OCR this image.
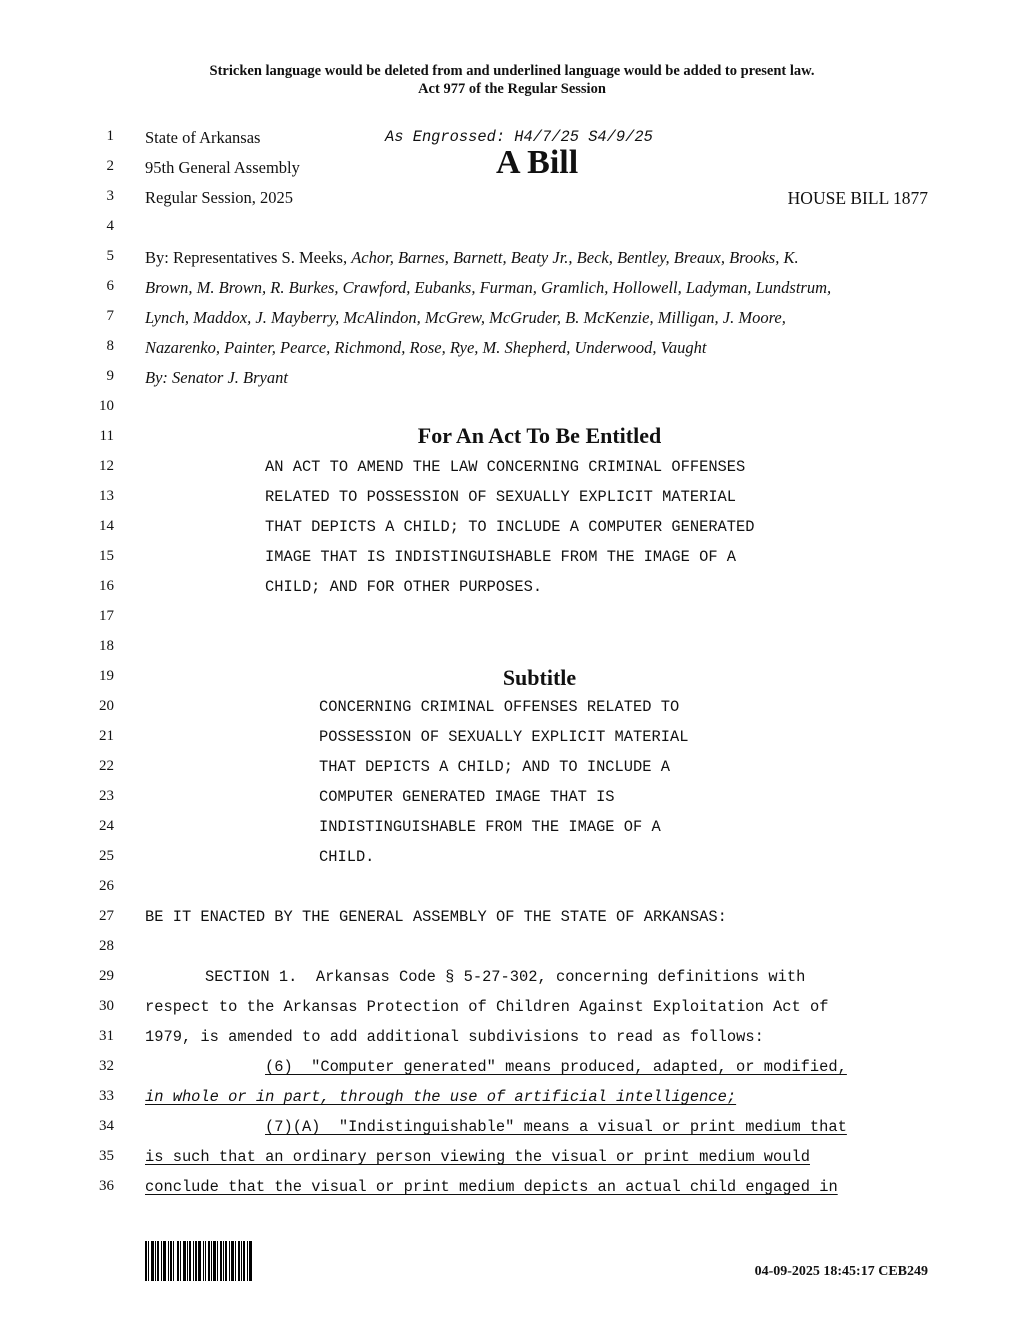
Stricken language would be deleted from and underlined language would be added to present law.
Act 977 of the Regular Session
1 State of Arkansas	As Engrossed: H4/7/25 S4/9/25
2 95th General Assembly	A Bill
3 Regular Session, 2025	HOUSE BILL 1877
4
5 By: Representatives S. Meeks, Achor, Barnes, Barnett, Beaty Jr., Beck, Bentley, Breaux, Brooks, K.
6 Brown, M. Brown, R. Burkes, Crawford, Eubanks, Furman, Gramlich, Hollowell, Ladyman, Lundstrum,
7 Lynch, Maddox, J. Mayberry, McAlindon, McGrew, McGruder, B. McKenzie, Milligan, J. Moore,
8 Nazarenko, Painter, Pearce, Richmond, Rose, Rye, M. Shepherd, Underwood, Vaught
9 By: Senator J. Bryant
10
11	For An Act To Be Entitled
12	AN ACT TO AMEND THE LAW CONCERNING CRIMINAL OFFENSES
13	RELATED TO POSSESSION OF SEXUALLY EXPLICIT MATERIAL
14	THAT DEPICTS A CHILD; TO INCLUDE A COMPUTER GENERATED
15	IMAGE THAT IS INDISTINGUISHABLE FROM THE IMAGE OF A
16	CHILD; AND FOR OTHER PURPOSES.
17
18
19	Subtitle
20	CONCERNING CRIMINAL OFFENSES RELATED TO
21	POSSESSION OF SEXUALLY EXPLICIT MATERIAL
22	THAT DEPICTS A CHILD; AND TO INCLUDE A
23	COMPUTER GENERATED IMAGE THAT IS
24	INDISTINGUISHABLE FROM THE IMAGE OF A
25	CHILD.
26
27 BE IT ENACTED BY THE GENERAL ASSEMBLY OF THE STATE OF ARKANSAS:
28
29	SECTION 1.  Arkansas Code § 5-27-302, concerning definitions with
30 respect to the Arkansas Protection of Children Against Exploitation Act of
31 1979, is amended to add additional subdivisions to read as follows:
32	(6)  "Computer generated" means produced, adapted, or modified,
33 in whole or in part, through the use of artificial intelligence;
34	(7)(A)  "Indistinguishable" means a visual or print medium that
35 is such that an ordinary person viewing the visual or print medium would
36 conclude that the visual or print medium depicts an actual child engaged in
04-09-2025 18:45:17 CEB249
